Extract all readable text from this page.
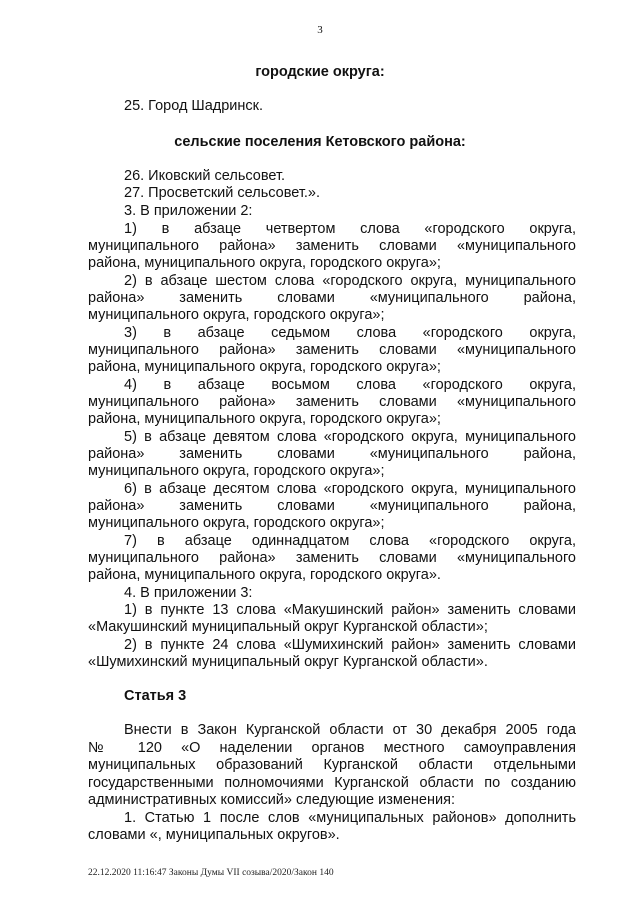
3
городские округа:
25. Город Шадринск.
сельские поселения Кетовского района:
26. Иковский сельсовет.
27. Просветский сельсовет.».
3. В приложении 2:
1) в абзаце четвертом слова «городского округа,
муниципального района» заменить словами «муниципального
района, муниципального округа, городского округа»;
2) в абзаце шестом слова «городского округа, муниципального
района» заменить словами «муниципального района,
муниципального округа, городского округа»;
3) в абзаце седьмом слова «городского округа,
муниципального района» заменить словами «муниципального
района, муниципального округа, городского округа»;
4) в абзаце восьмом слова «городского округа,
муниципального района» заменить словами «муниципального
района, муниципального округа, городского округа»;
5) в абзаце девятом слова «городского округа, муниципального
района» заменить словами «муниципального района,
муниципального округа, городского округа»;
6) в абзаце десятом слова «городского округа, муниципального
района» заменить словами «муниципального района,
муниципального округа, городского округа»;
7) в абзаце одиннадцатом слова «городского округа,
муниципального района» заменить словами «муниципального
района, муниципального округа, городского округа».
4. В приложении 3:
1) в пункте 13 слова «Макушинский район» заменить словами
«Макушинский муниципальный округ Курганской области»;
2) в пункте 24 слова «Шумихинский район» заменить словами
«Шумихинский муниципальный округ Курганской области».
Статья 3
Внести в Закон Курганской области от 30 декабря 2005 года
№ 120 «О наделении органов местного самоуправления
муниципальных образований Курганской области отдельными
государственными полномочиями Курганской области по созданию
административных комиссий» следующие изменения:
1. Статью 1 после слов «муниципальных районов» дополнить
словами «, муниципальных округов».
22.12.2020 11:16:47 Законы Думы VII созыва/2020/Закон 140
